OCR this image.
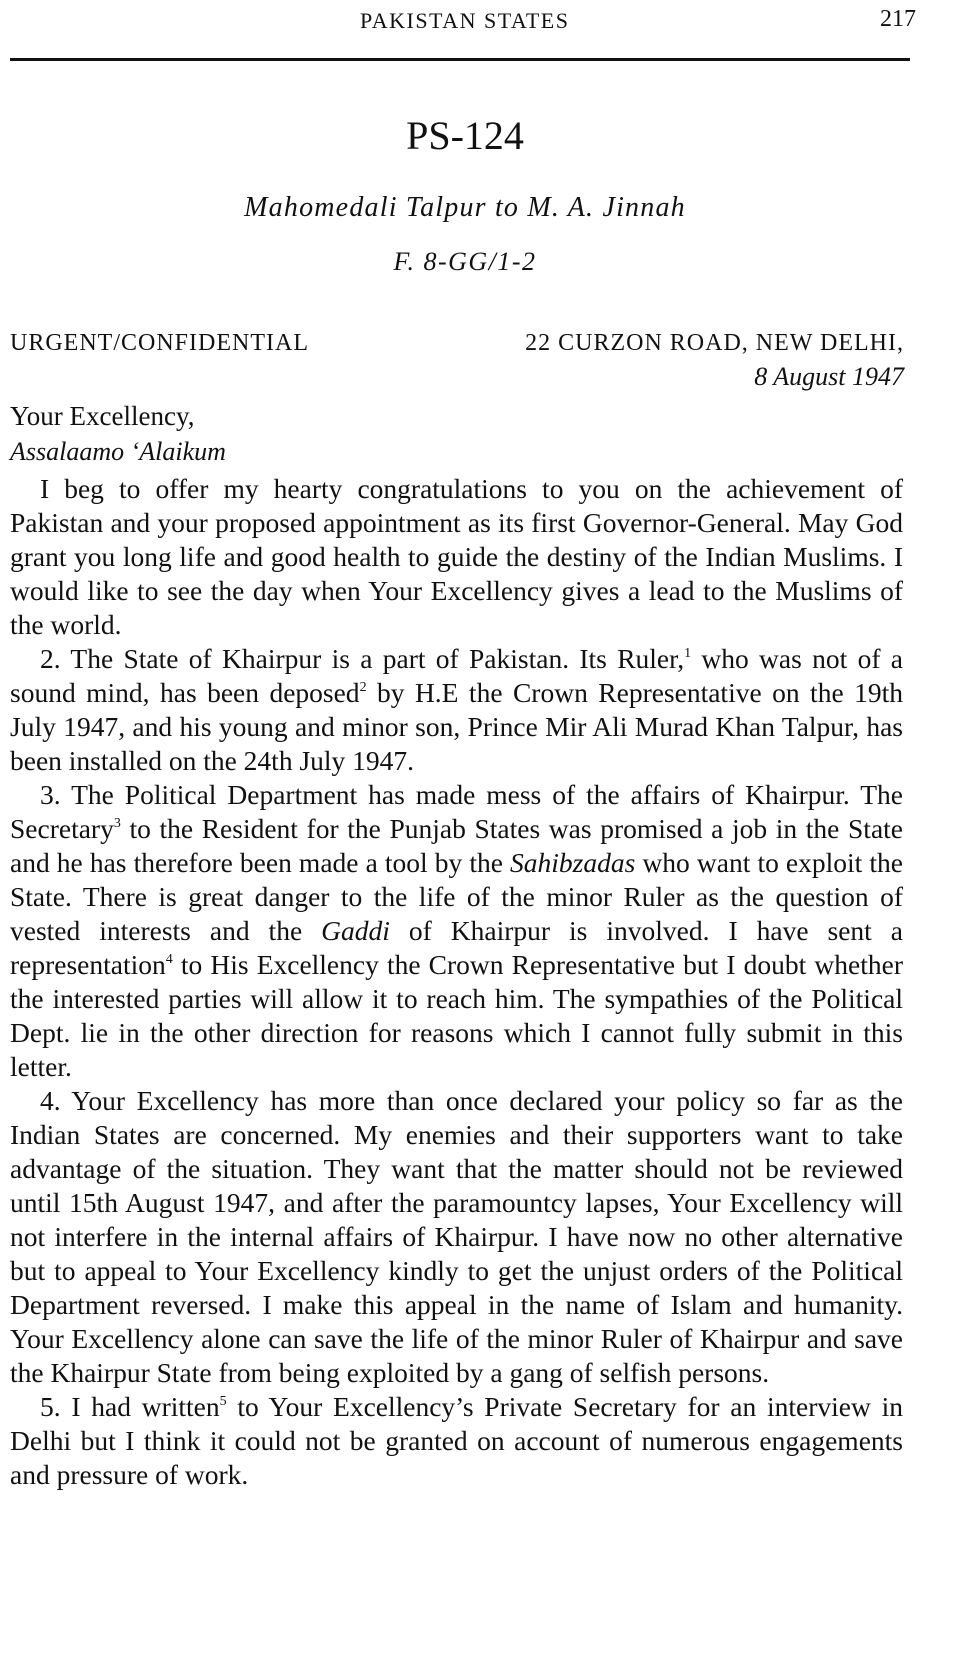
PAKISTAN STATES	217
PS-124
Mahomedali Talpur to M. A. Jinnah
F. 8-GG/1-2
URGENT/CONFIDENTIAL	22 CURZON ROAD, NEW DELHI,
8 August 1947
Your Excellency,
Assalaamo ‘Alaikum

I beg to offer my hearty congratulations to you on the achievement of Pakistan and your proposed appointment as its first Governor-General. May God grant you long life and good health to guide the destiny of the Indian Muslims. I would like to see the day when Your Excellency gives a lead to the Muslims of the world.

2. The State of Khairpur is a part of Pakistan. Its Ruler,$^1$ who was not of a sound mind, has been deposed$^2$ by H.E the Crown Representative on the 19th July 1947, and his young and minor son, Prince Mir Ali Murad Khan Talpur, has been installed on the 24th July 1947.

3. The Political Department has made mess of the affairs of Khairpur. The Secretary$^3$ to the Resident for the Punjab States was promised a job in the State and he has therefore been made a tool by the Sahibzadas who want to exploit the State. There is great danger to the life of the minor Ruler as the question of vested interests and the Gaddi of Khairpur is involved. I have sent a representation$^4$ to His Excellency the Crown Representative but I doubt whether the interested parties will allow it to reach him. The sympathies of the Political Dept. lie in the other direction for reasons which I cannot fully submit in this letter.

4. Your Excellency has more than once declared your policy so far as the Indian States are concerned. My enemies and their supporters want to take advantage of the situation. They want that the matter should not be reviewed until 15th August 1947, and after the paramountcy lapses, Your Excellency will not interfere in the internal affairs of Khairpur. I have now no other alternative but to appeal to Your Excellency kindly to get the unjust orders of the Political Department reversed. I make this appeal in the name of Islam and humanity. Your Excellency alone can save the life of the minor Ruler of Khairpur and save the Khairpur State from being exploited by a gang of selfish persons.

5. I had written$^5$ to Your Excellency’s Private Secretary for an interview in Delhi but I think it could not be granted on account of numerous engagements and pressure of work.
